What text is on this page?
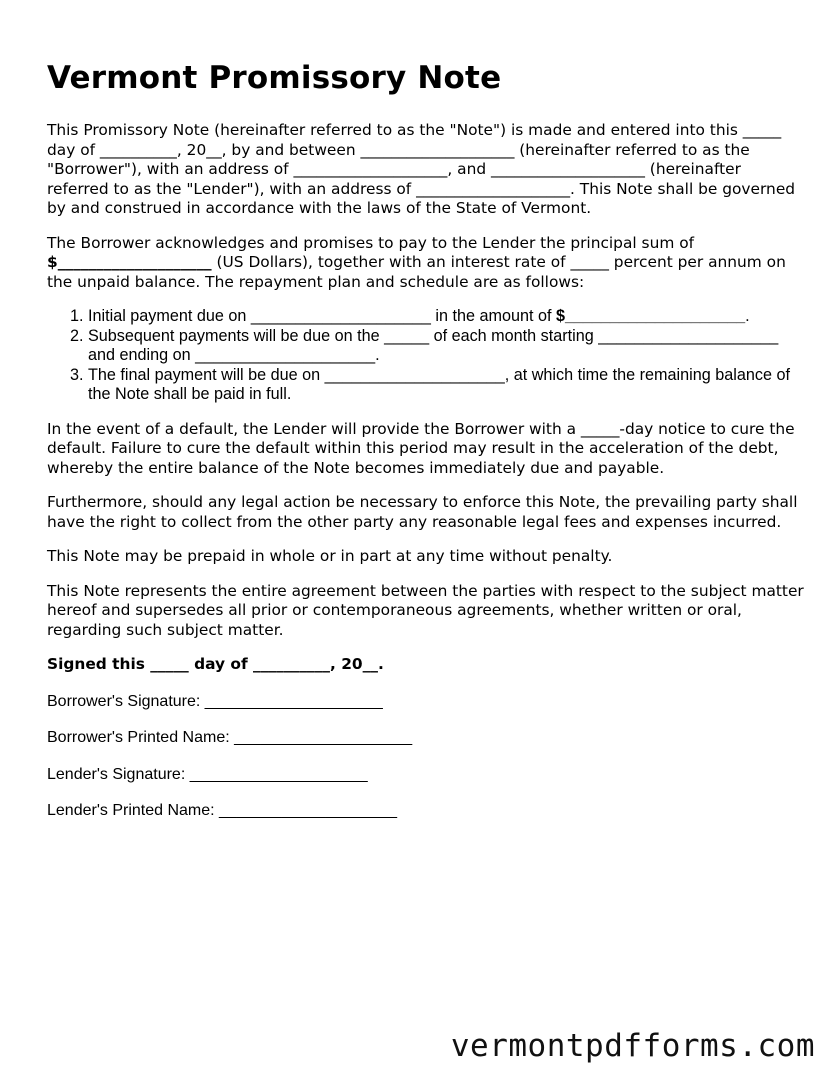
Vermont Promissory Note

This Promissory Note (hereinafter referred to as the "Note") is made and entered into this _____ day of __________, 20__, by and between ____________________ (hereinafter referred to as the "Borrower"), with an address of ____________________, and ____________________ (hereinafter referred to as the "Lender"), with an address of ____________________. This Note shall be governed by and construed in accordance with the laws of the State of Vermont.

The Borrower acknowledges and promises to pay to the Lender the principal sum of $____________________ (US Dollars), together with an interest rate of _____ percent per annum on the unpaid balance. The repayment plan and schedule are as follows:

1. Initial payment due on ____________________ in the amount of $____________________.
2. Subsequent payments will be due on the _____ of each month starting ____________________ and ending on ____________________.
3. The final payment will be due on ____________________, at which time the remaining balance of the Note shall be paid in full.

In the event of a default, the Lender will provide the Borrower with a _____-day notice to cure the default. Failure to cure the default within this period may result in the acceleration of the debt, whereby the entire balance of the Note becomes immediately due and payable.

Furthermore, should any legal action be necessary to enforce this Note, the prevailing party shall have the right to collect from the other party any reasonable legal fees and expenses incurred.

This Note may be prepaid in whole or in part at any time without penalty.

This Note represents the entire agreement between the parties with respect to the subject matter hereof and supersedes all prior or contemporaneous agreements, whether written or oral, regarding such subject matter.

Signed this _____ day of __________, 20__.
Borrower's Signature: ____________________
Borrower's Printed Name: ____________________
Lender's Signature: ____________________
Lender's Printed Name: ____________________
vermontpdfforms.com
